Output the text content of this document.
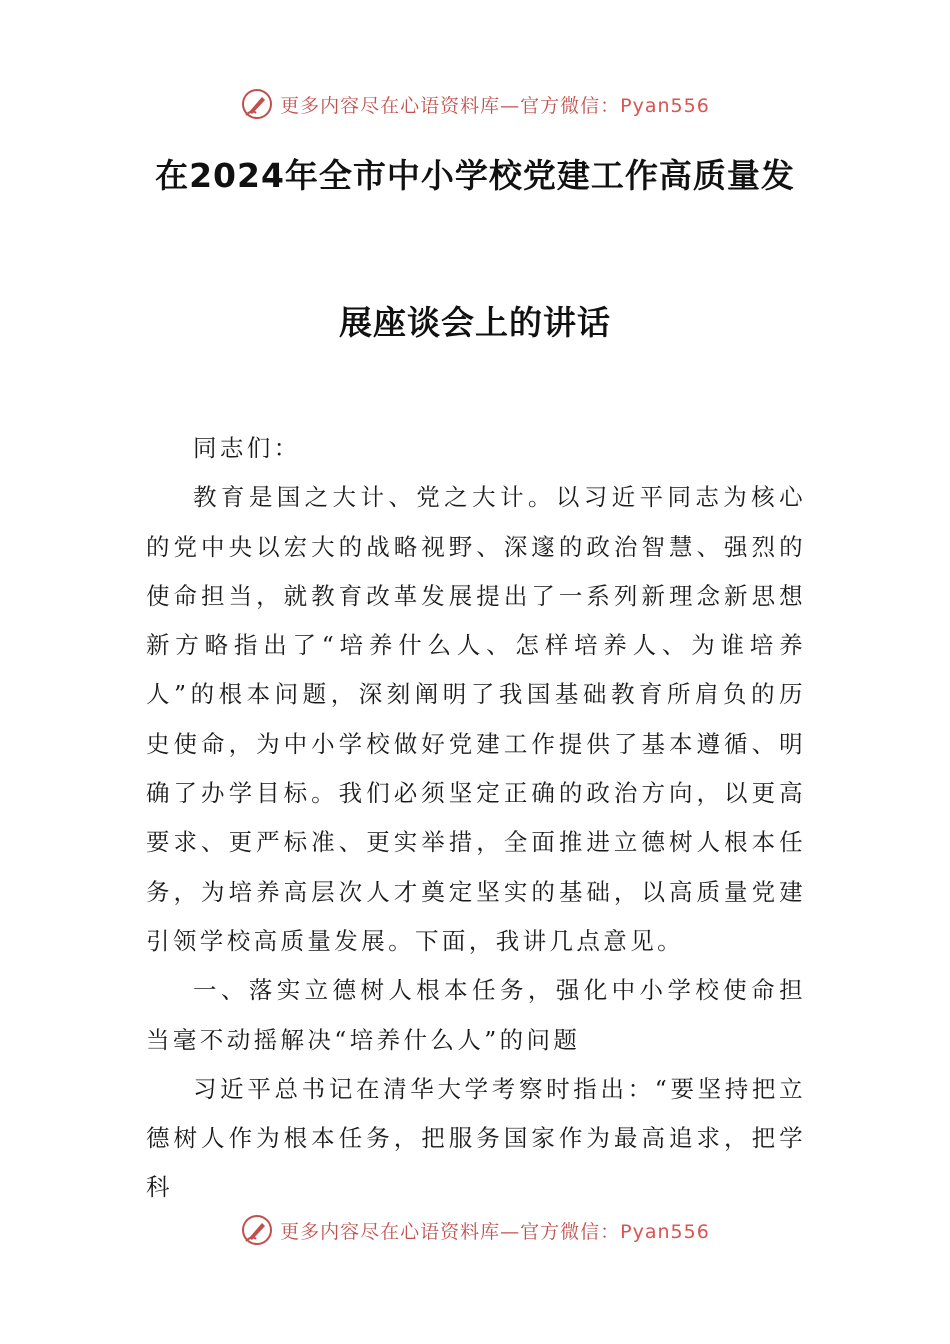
更多内容尽在心语资料库—官方微信：Pyan556
在2024年全市中小学校党建工作高质量发
展座谈会上的讲话

同志们：

教育是国之大计、党之大计。以习近平同志为核心的党中央以宏大的战略视野、深邃的政治智慧、强烈的使命担当，就教育改革发展提出了一系列新理念新思想新方略指出了“培养什么人、怎样培养人、为谁培养人”的根本问题，深刻阐明了我国基础教育所肩负的历史使命，为中小学校做好党建工作提供了基本遵循、明确了办学目标。我们必须坚定正确的政治方向，以更高要求、更严标准、更实举措，全面推进立德树人根本任务，为培养高层次人才奠定坚实的基础，以高质量党建引领学校高质量发展。下面，我讲几点意见。

一、落实立德树人根本任务，强化中小学校使命担当毫不动摇解决“培养什么人”的问题

习近平总书记在清华大学考察时指出：“要坚持把立德树人作为根本任务，把服务国家作为最高追求，把学科

更多内容尽在心语资料库—官方微信：Pyan556
